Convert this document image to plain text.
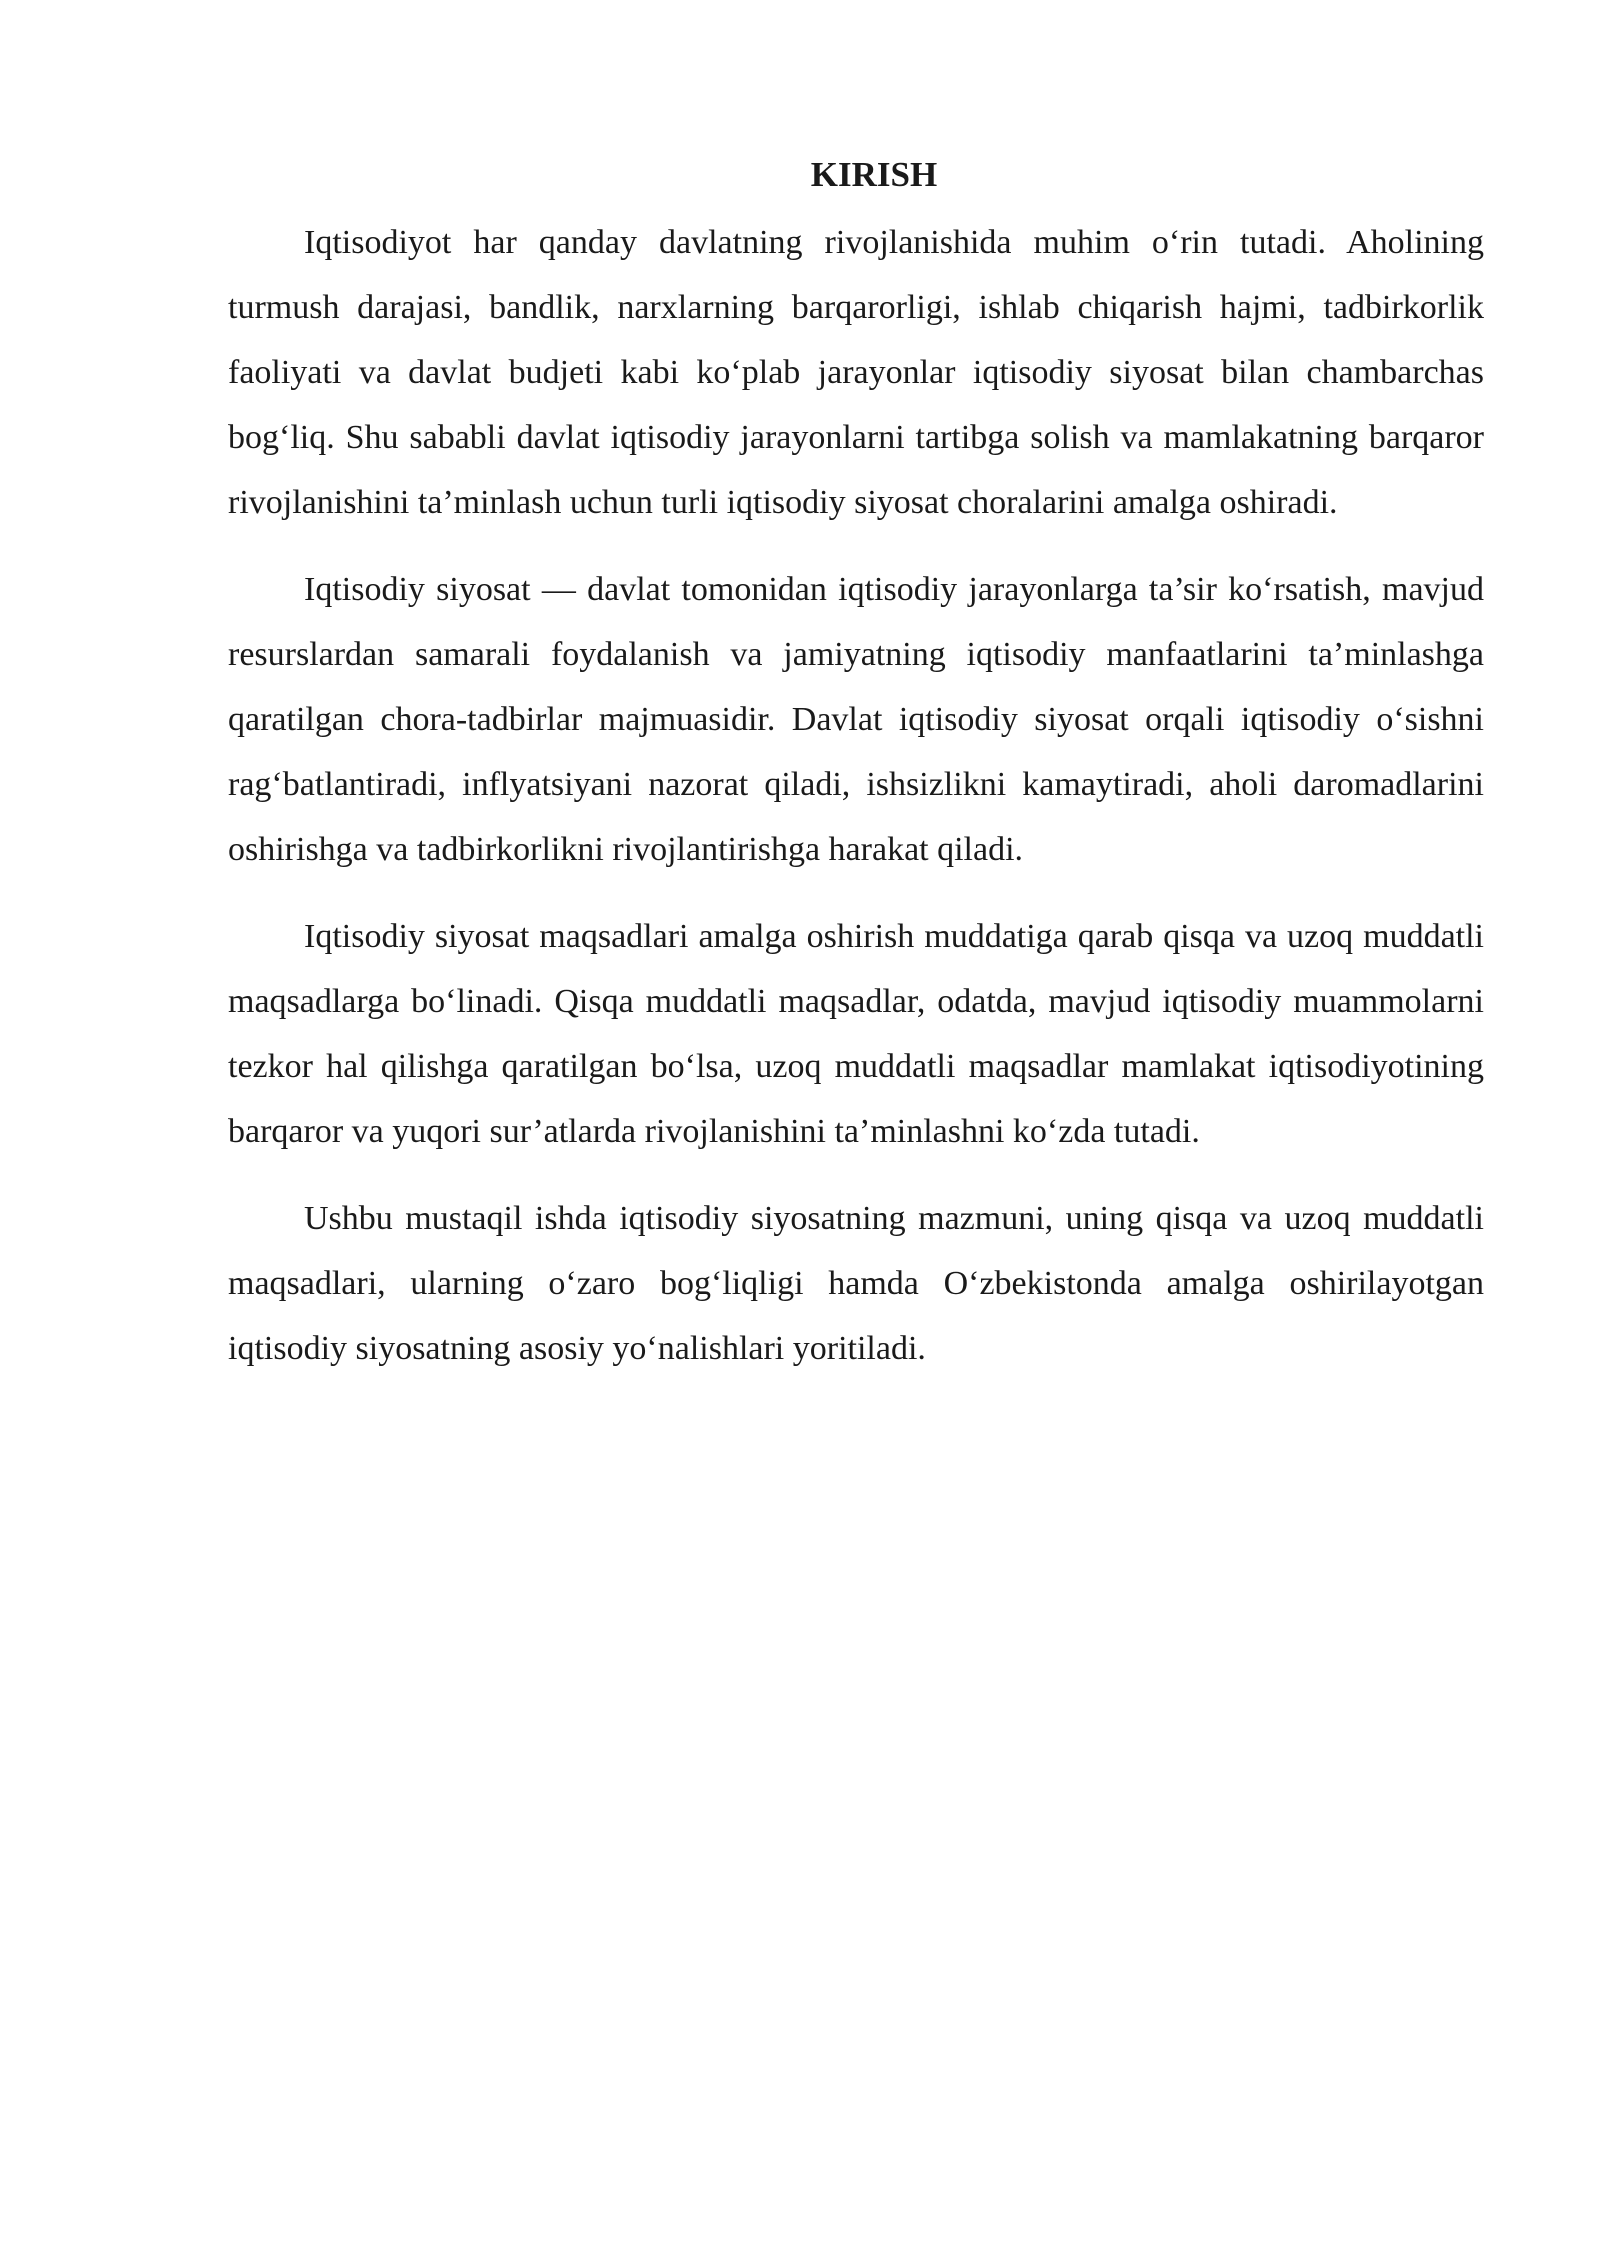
KIRISH

Iqtisodiyot har qanday davlatning rivojlanishida muhim o‘rin tutadi. Aholining turmush darajasi, bandlik, narxlarning barqarorligi, ishlab chiqarish hajmi, tadbirkorlik faoliyati va davlat budjeti kabi ko‘plab jarayonlar iqtisodiy siyosat bilan chambarchas bog‘liq. Shu sababli davlat iqtisodiy jarayonlarni tartibga solish va mamlakatning barqaror rivojlanishini ta’minlash uchun turli iqtisodiy siyosat choralarini amalga oshiradi.

Iqtisodiy siyosat — davlat tomonidan iqtisodiy jarayonlarga ta’sir ko‘rsatish, mavjud resurslardan samarali foydalanish va jamiyatning iqtisodiy manfaatlarini ta’minlashga qaratilgan chora-tadbirlar majmuasidir. Davlat iqtisodiy siyosat orqali iqtisodiy o‘sishni rag‘batlantiradi, inflyatsiyani nazorat qiladi, ishsizlikni kamaytiradi, aholi daromadlarini oshirishga va tadbirkorlikni rivojlantirishga harakat qiladi.

Iqtisodiy siyosat maqsadlari amalga oshirish muddatiga qarab qisqa va uzoq muddatli maqsadlarga bo‘linadi. Qisqa muddatli maqsadlar, odatda, mavjud iqtisodiy muammolarni tezkor hal qilishga qaratilgan bo‘lsa, uzoq muddatli maqsadlar mamlakat iqtisodiyotining barqaror va yuqori sur’atlarda rivojlanishini ta’minlashni ko‘zda tutadi.

Ushbu mustaqil ishda iqtisodiy siyosatning mazmuni, uning qisqa va uzoq muddatli maqsadlari, ularning o‘zaro bog‘liqligi hamda O‘zbekistonda amalga oshirilayotgan iqtisodiy siyosatning asosiy yo‘nalishlari yoritiladi.
